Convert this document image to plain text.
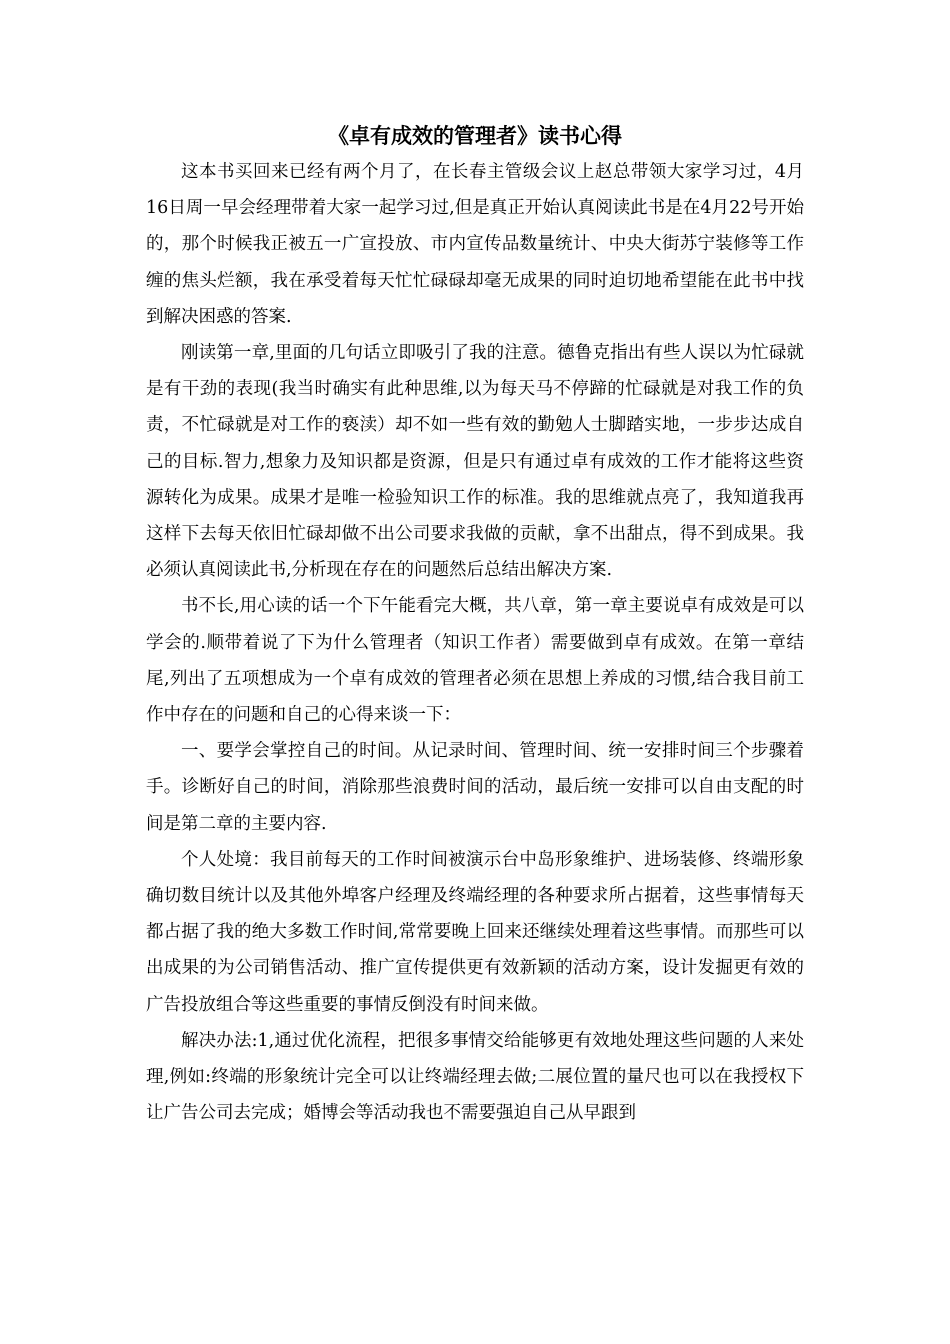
《卓有成效的管理者》读书心得

这本书买回来已经有两个月了，在长春主管级会议上赵总带领大家学习过，4月16日周一早会经理带着大家一起学习过,但是真正开始认真阅读此书是在4月22号开始的，那个时候我正被五一广宣投放、市内宣传品数量统计、中央大街苏宁装修等工作缠的焦头烂额，我在承受着每天忙忙碌碌却毫无成果的同时迫切地希望能在此书中找到解决困惑的答案.

刚读第一章,里面的几句话立即吸引了我的注意。德鲁克指出有些人误以为忙碌就是有干劲的表现(我当时确实有此种思维,以为每天马不停蹄的忙碌就是对我工作的负责，不忙碌就是对工作的亵渎）却不如一些有效的勤勉人士脚踏实地，一步步达成自己的目标.智力,想象力及知识都是资源，但是只有通过卓有成效的工作才能将这些资源转化为成果。成果才是唯一检验知识工作的标准。我的思维就点亮了，我知道我再这样下去每天依旧忙碌却做不出公司要求我做的贡献，拿不出甜点，得不到成果。我必须认真阅读此书,分析现在存在的问题然后总结出解决方案.

书不长,用心读的话一个下午能看完大概，共八章，第一章主要说卓有成效是可以学会的.顺带着说了下为什么管理者（知识工作者）需要做到卓有成效。在第一章结尾,列出了五项想成为一个卓有成效的管理者必须在思想上养成的习惯,结合我目前工作中存在的问题和自己的心得来谈一下：

一、要学会掌控自己的时间。从记录时间、管理时间、统一安排时间三个步骤着手。诊断好自己的时间，消除那些浪费时间的活动，最后统一安排可以自由支配的时间是第二章的主要内容.

个人处境：我目前每天的工作时间被演示台中岛形象维护、进场装修、终端形象确切数目统计以及其他外埠客户经理及终端经理的各种要求所占据着，这些事情每天都占据了我的绝大多数工作时间,常常要晚上回来还继续处理着这些事情。而那些可以出成果的为公司销售活动、推广宣传提供更有效新颖的活动方案，设计发掘更有效的广告投放组合等这些重要的事情反倒没有时间来做。

解决办法:1,通过优化流程，把很多事情交给能够更有效地处理这些问题的人来处理,例如:终端的形象统计完全可以让终端经理去做;二展位置的量尺也可以在我授权下让广告公司去完成；婚博会等活动我也不需要强迫自己从早跟到
